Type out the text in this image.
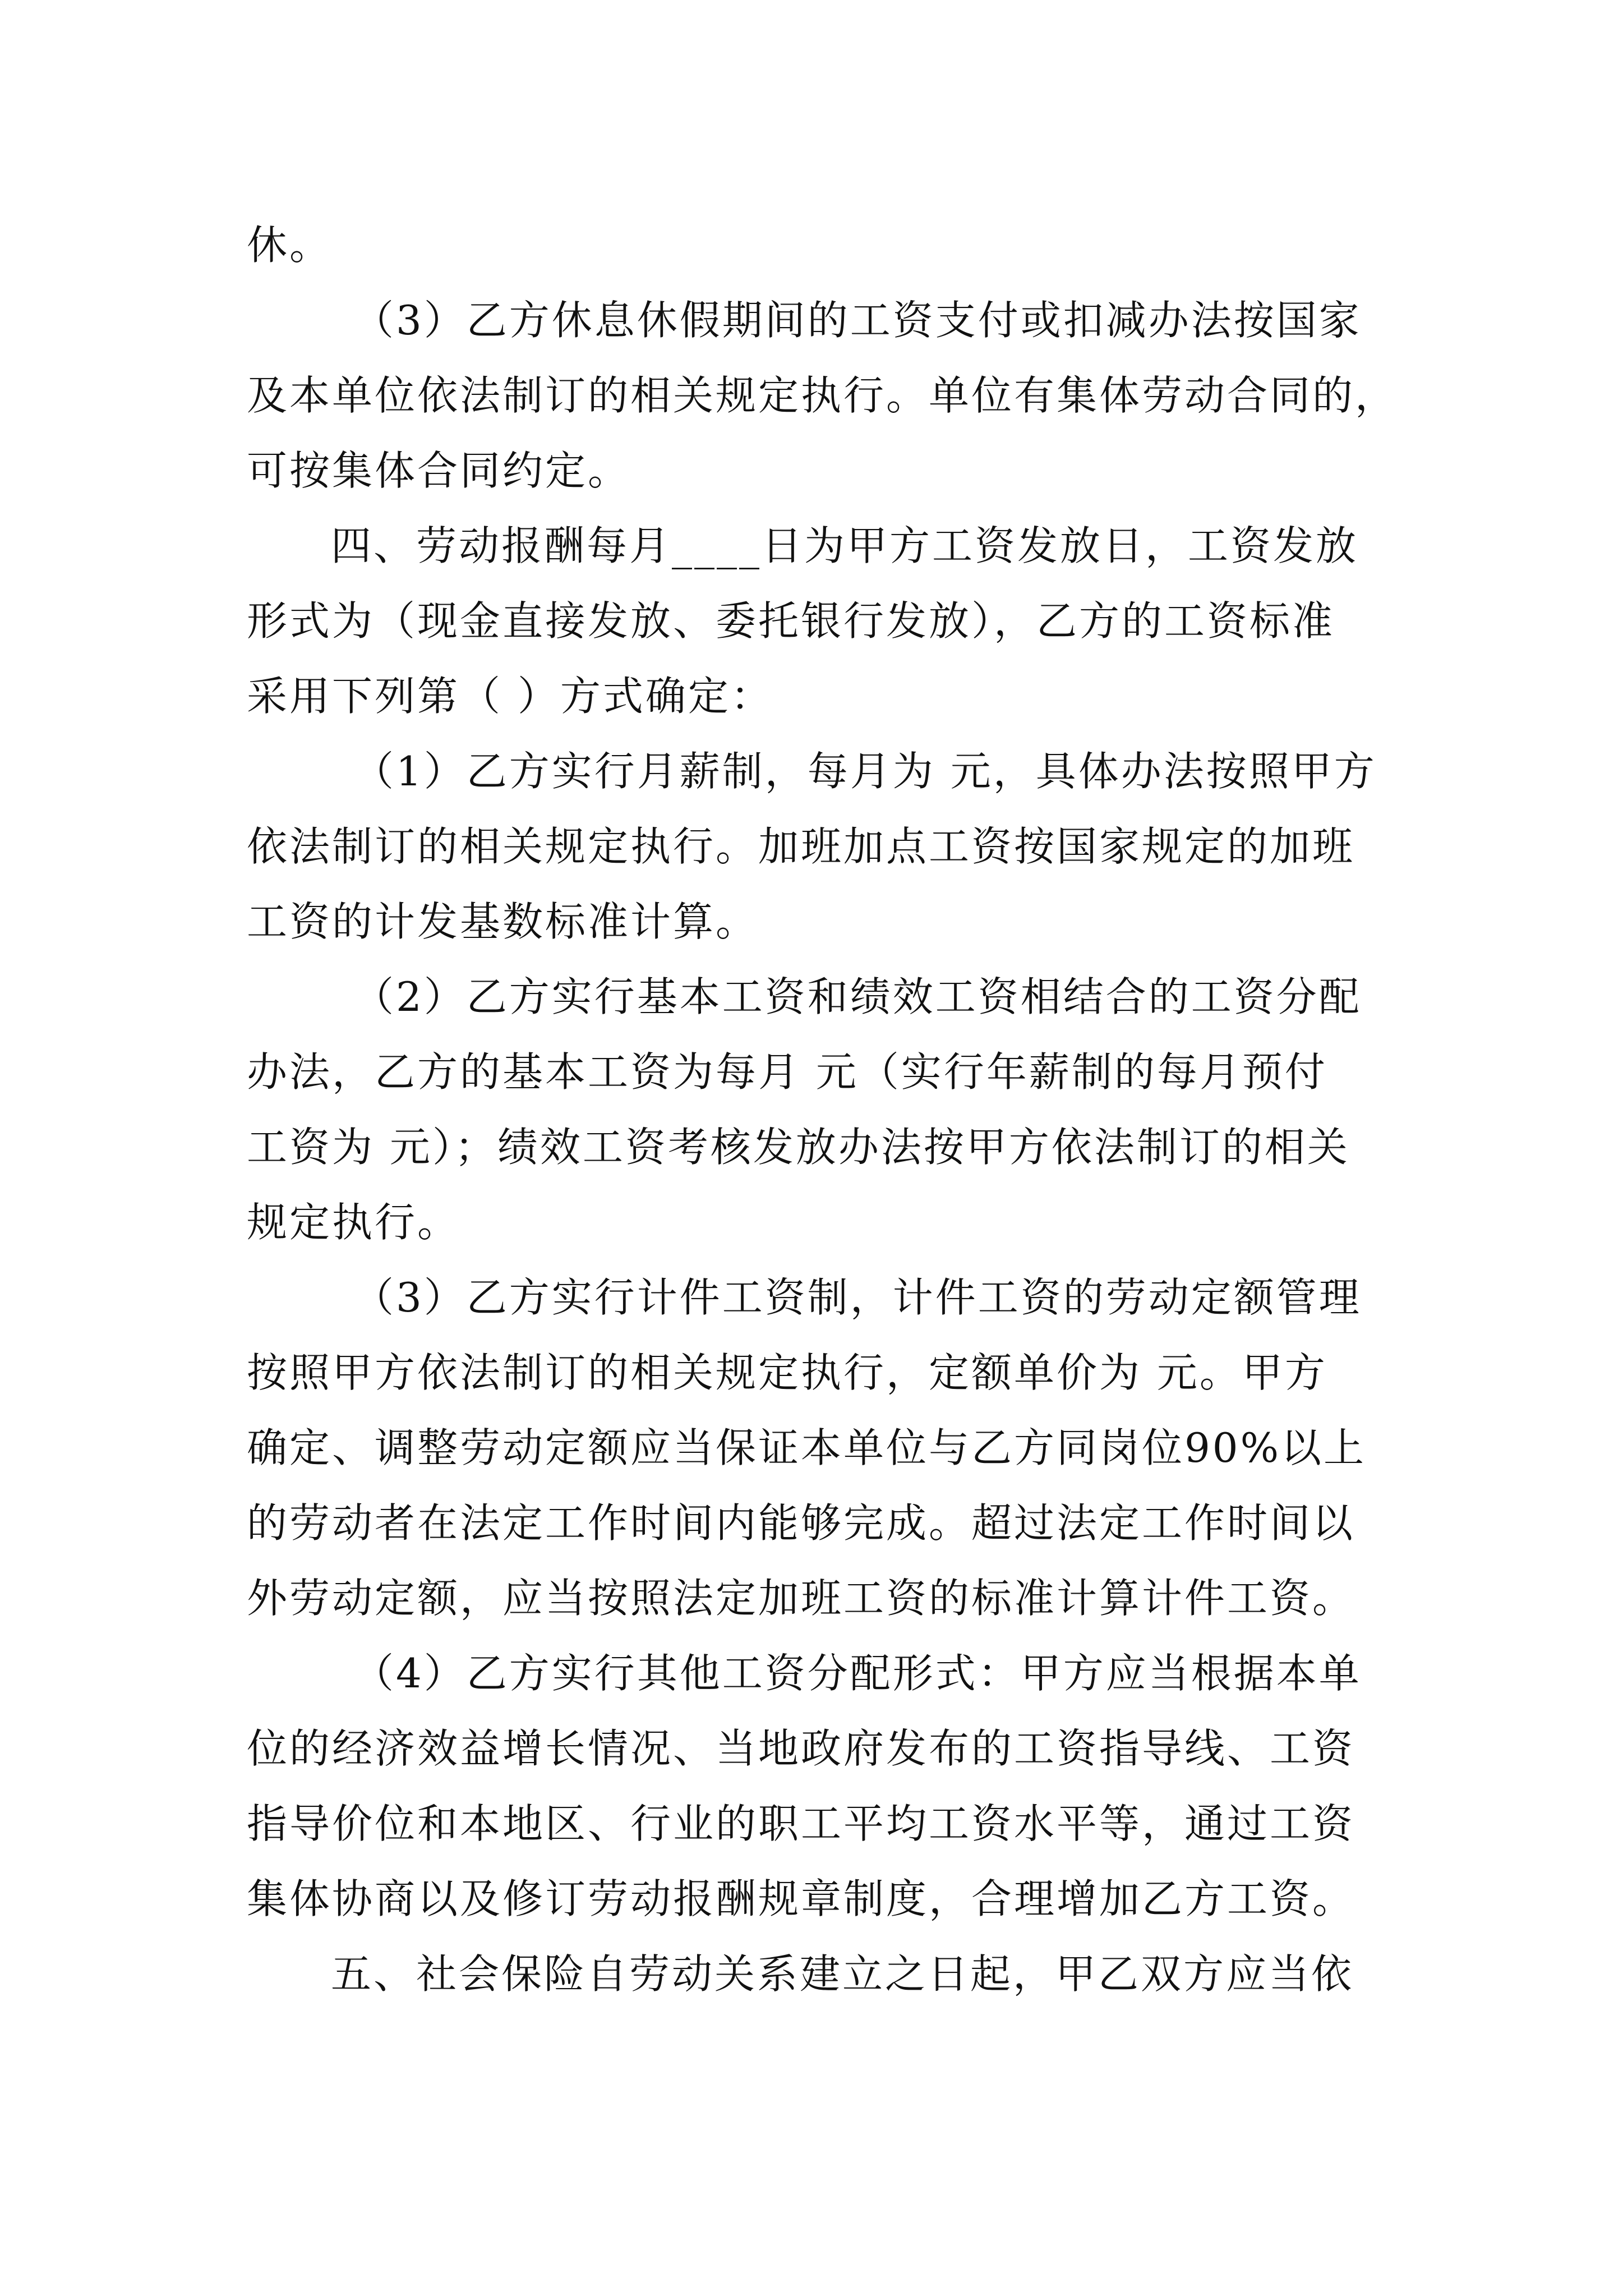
休。
（3）乙方休息休假期间的工资支付或扣减办法按国家
及本单位依法制订的相关规定执行。单位有集体劳动合同的，
可按集体合同约定。
四、劳动报酬每月____日为甲方工资发放日，工资发放
形式为（现金直接发放、委托银行发放），乙方的工资标准
采用下列第（ ）方式确定：
（1）乙方实行月薪制，每月为 元，具体办法按照甲方
依法制订的相关规定执行。加班加点工资按国家规定的加班
工资的计发基数标准计算。
（2）乙方实行基本工资和绩效工资相结合的工资分配
办法，乙方的基本工资为每月 元（实行年薪制的每月预付
工资为 元）；绩效工资考核发放办法按甲方依法制订的相关
规定执行。
（3）乙方实行计件工资制，计件工资的劳动定额管理
按照甲方依法制订的相关规定执行，定额单价为 元。甲方
确定、调整劳动定额应当保证本单位与乙方同岗位90%以上
的劳动者在法定工作时间内能够完成。超过法定工作时间以
外劳动定额，应当按照法定加班工资的标准计算计件工资。
（4）乙方实行其他工资分配形式：甲方应当根据本单
位的经济效益增长情况、当地政府发布的工资指导线、工资
指导价位和本地区、行业的职工平均工资水平等，通过工资
集体协商以及修订劳动报酬规章制度，合理增加乙方工资。
五、社会保险自劳动关系建立之日起，甲乙双方应当依
